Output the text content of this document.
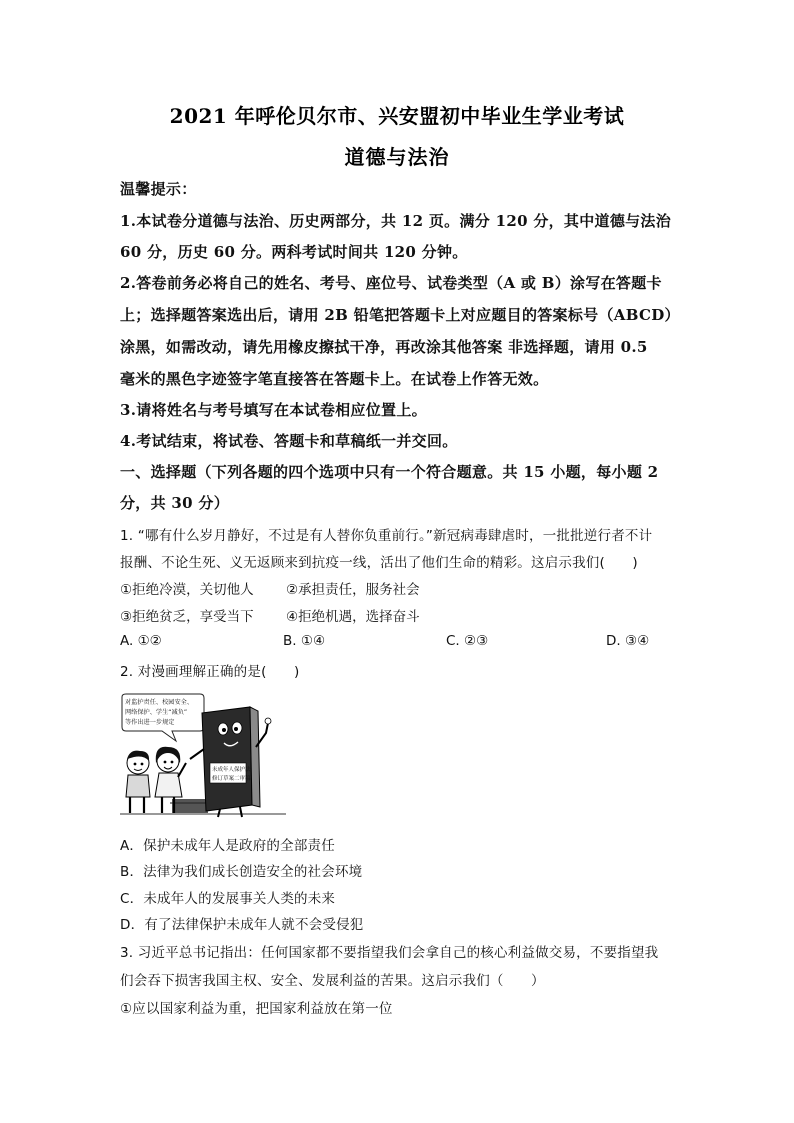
2021 年呼伦贝尔市、兴安盟初中毕业生学业考试
道德与法治
温馨提示：
1.本试卷分道德与法治、历史两部分，共 12 页。满分 120 分，其中道德与法治
60 分，历史 60 分。两科考试时间共 120 分钟。
2.答卷前务必将自己的姓名、考号、座位号、试卷类型（A 或 B）涂写在答题卡
上；选择题答案选出后，请用 2B 铅笔把答题卡上对应题目的答案标号（ABCD）
涂黑，如需改动，请先用橡皮擦拭干净，再改涂其他答案 非选择题，请用 0.5
毫米的黑色字迹签字笔直接答在答题卡上。在试卷上作答无效。
3.请将姓名与考号填写在本试卷相应位置上。
4.考试结束，将试卷、答题卡和草稿纸一并交回。
一、选择题（下列各题的四个选项中只有一个符合题意。共 15 小题，每小题 2
分，共 30 分）
1. “哪有什么岁月静好，不过是有人替你负重前行。”新冠病毒肆虐时，一批批逆行者不计
报酬、不论生死、义无返顾来到抗疫一线，活出了他们生命的精彩。这启示我们(　　)
①拒绝冷漠，关切他人 ②承担责任，服务社会
③拒绝贫乏，享受当下 ④拒绝机遇，选择奋斗
A. ①②	B. ①④	C. ②③	D. ③④
2. 对漫画理解正确的是(　　)
对监护责任、校园安全、
网络保护、学生“减负”
等作出进一步规定
未成年人保护法
修订草案二审稿
A．保护未成年人是政府的全部责任
B．法律为我们成长创造安全的社会环境
C．未成年人的发展事关人类的未来
D．有了法律保护未成年人就不会受侵犯
3. 习近平总书记指出：任何国家都不要指望我们会拿自己的核心利益做交易，不要指望我
们会吞下损害我国主权、安全、发展利益的苦果。这启示我们（　　）
①应以国家利益为重，把国家利益放在第一位
